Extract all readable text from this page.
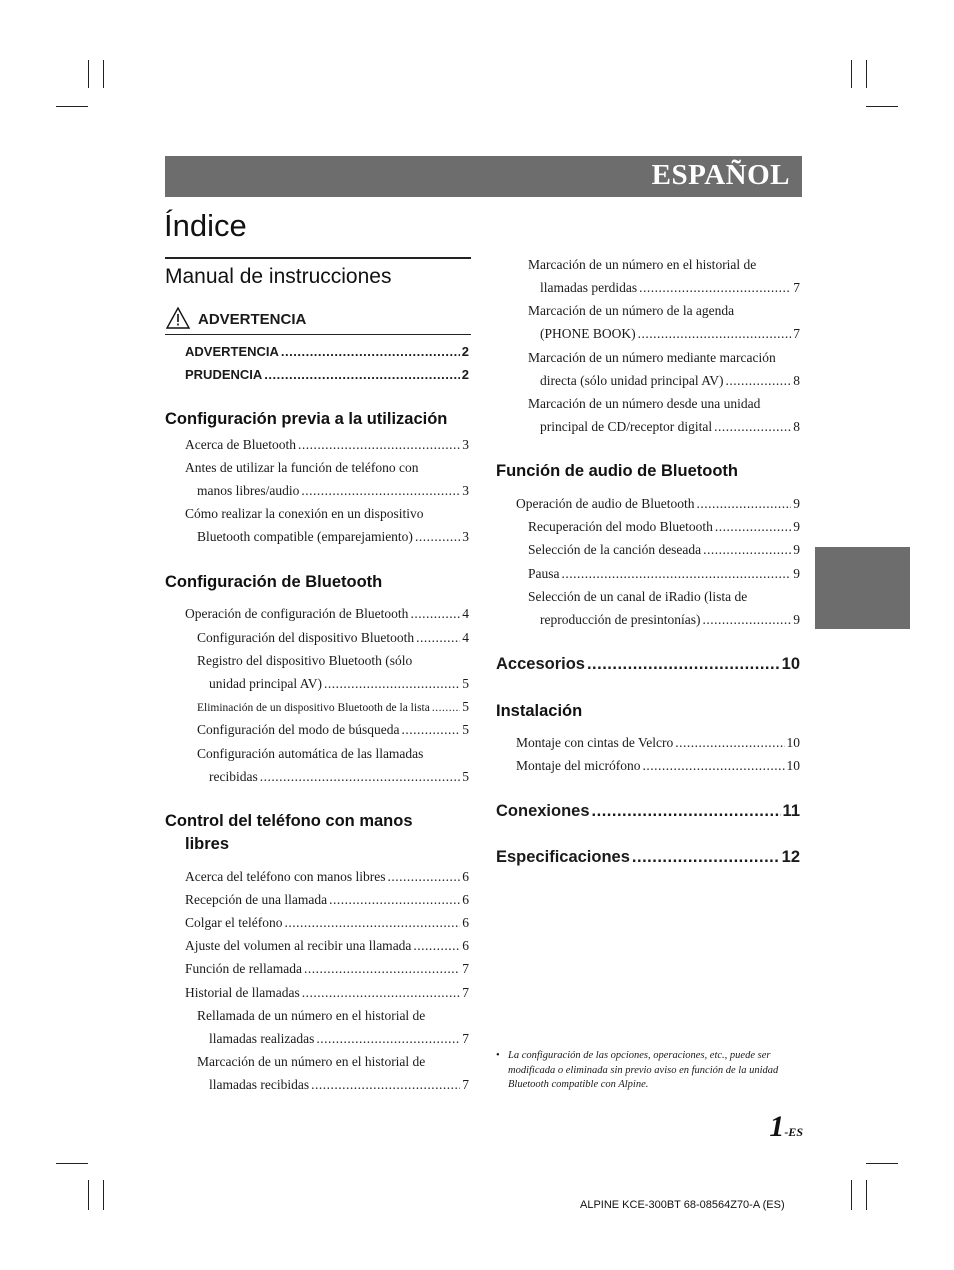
ESPAÑOL
Índice
Manual de instrucciones
ADVERTENCIA
ADVERTENCIA .....	2
PRUDENCIA .....	2
Configuración previa a la utilización
Acerca de Bluetooth .....	3
Antes de utilizar la función de teléfono con
manos libres/audio .....	3
Cómo realizar la conexión en un dispositivo
Bluetooth compatible (emparejamiento) .....	3
Configuración de Bluetooth
Operación de configuración de Bluetooth .....	4
Configuración del dispositivo Bluetooth .....	4
Registro del dispositivo Bluetooth (sólo
unidad principal AV) .....	5
Eliminación de un dispositivo Bluetooth de la lista ..... 5
Configuración del modo de búsqueda .....	5
Configuración automática de las llamadas
recibidas .....	5
Control del teléfono con manos
libres
Acerca del teléfono con manos libres .....	6
Recepción de una llamada .....	6
Colgar el teléfono .....	6
Ajuste del volumen al recibir una llamada .....	6
Función de rellamada .....	7
Historial de llamadas .....	7
Rellamada de un número en el historial de
llamadas realizadas .....	7
Marcación de un número en el historial de
llamadas recibidas .....	7
Marcación de un número en el historial de
llamadas perdidas .....	7
Marcación de un número de la agenda
(PHONE BOOK) .....	7
Marcación de un número mediante marcación
directa (sólo unidad principal AV) .....	8
Marcación de un número desde una unidad
principal de CD/receptor digital .....	8
Función de audio de Bluetooth
Operación de audio de Bluetooth .....	9
Recuperación del modo Bluetooth .....	9
Selección de la canción deseada .....	9
Pausa .....	9
Selección de un canal de iRadio (lista de
reproducción de presintonías) .....	9
Accesorios .....	10
Instalación
Montaje con cintas de Velcro .....	10
Montaje del micrófono .....	10
Conexiones .....	11
Especificaciones .....	12
• La configuración de las opciones, operaciones, etc., puede ser modificada o eliminada sin previo aviso en función de la unidad Bluetooth compatible con Alpine.
1-ES
ALPINE KCE-300BT 68-08564Z70-A (ES)
